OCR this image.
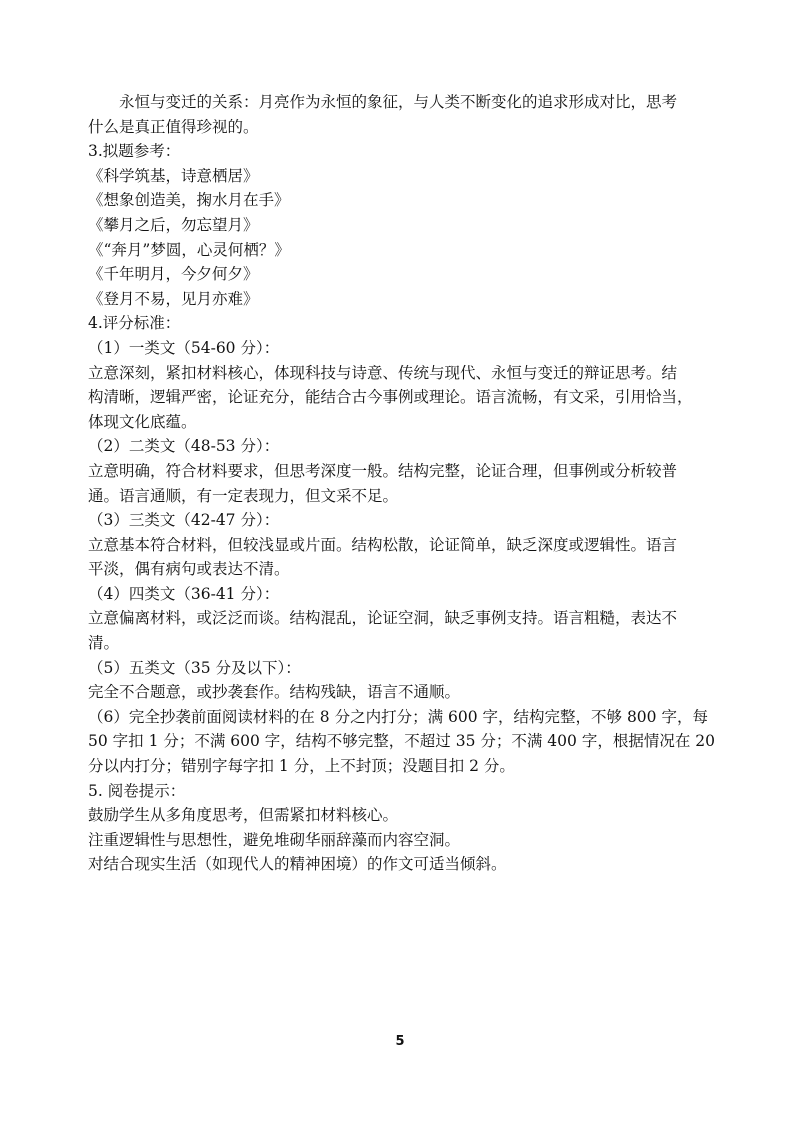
永恒与变迁的关系：月亮作为永恒的象征，与人类不断变化的追求形成对比，思考
什么是真正值得珍视的。
3.拟题参考：
《科学筑基，诗意栖居》
《想象创造美，掬水月在手》
《攀月之后，勿忘望月》
《“奔月”梦圆，心灵何栖？》
《千年明月，今夕何夕》
《登月不易，见月亦难》
4.评分标准：
（1）一类文（54-60 分）：
立意深刻，紧扣材料核心，体现科技与诗意、传统与现代、永恒与变迁的辩证思考。结
构清晰，逻辑严密，论证充分，能结合古今事例或理论。语言流畅，有文采，引用恰当，
体现文化底蕴。
（2）二类文（48-53 分）：
立意明确，符合材料要求，但思考深度一般。结构完整，论证合理，但事例或分析较普
通。语言通顺，有一定表现力，但文采不足。
（3）三类文（42-47 分）：
立意基本符合材料，但较浅显或片面。结构松散，论证简单，缺乏深度或逻辑性。语言
平淡，偶有病句或表达不清。
（4）四类文（36-41 分）：
立意偏离材料，或泛泛而谈。结构混乱，论证空洞，缺乏事例支持。语言粗糙，表达不
清。
（5）五类文（35 分及以下）：
完全不合题意，或抄袭套作。结构残缺，语言不通顺。
（6）完全抄袭前面阅读材料的在 8 分之内打分；满 600 字，结构完整，不够 800 字，每
50 字扣 1 分；不满 600 字，结构不够完整，不超过 35 分；不满 400 字，根据情况在 20
分以内打分；错别字每字扣 1 分，上不封顶；没题目扣 2 分。
5. 阅卷提示：
鼓励学生从多角度思考，但需紧扣材料核心。
注重逻辑性与思想性，避免堆砌华丽辞藻而内容空洞。
对结合现实生活（如现代人的精神困境）的作文可适当倾斜。
5
